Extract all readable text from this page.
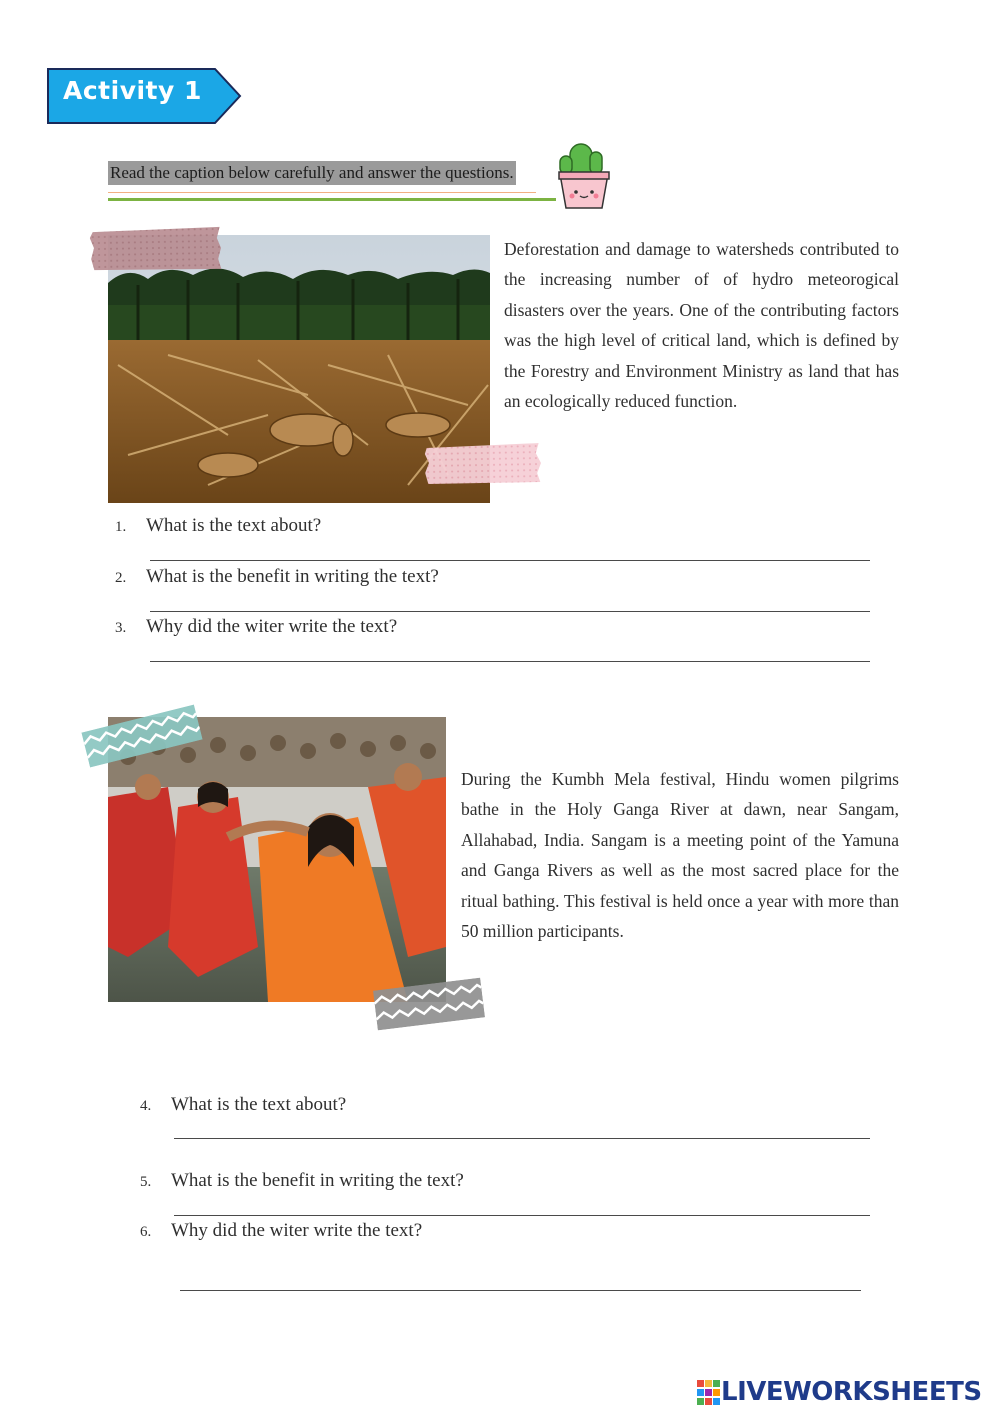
Activity 1
Read the caption below carefully and answer the questions.
Deforestation and damage to watersheds contributed to the increasing number of of hydro meteorogical disasters over the years. One of the contributing factors was the high level of critical land, which is defined by the Forestry and Environment Ministry as land that has an ecologically reduced function.
1. What is the text about?
2. What is the benefit in writing the text?
3. Why did the witer write the text?
During the Kumbh Mela festival, Hindu women pilgrims bathe in the Holy Ganga River at dawn, near Sangam, Allahabad, India. Sangam is a meeting point of the Yamuna and Ganga Rivers as well as the most sacred place for the ritual bathing. This festival is held once a year with more than 50 million participants.
4. What is the text about?
5. What is the benefit in writing the text?
6. Why did the witer write the text?
LIVEWORKSHEETS
